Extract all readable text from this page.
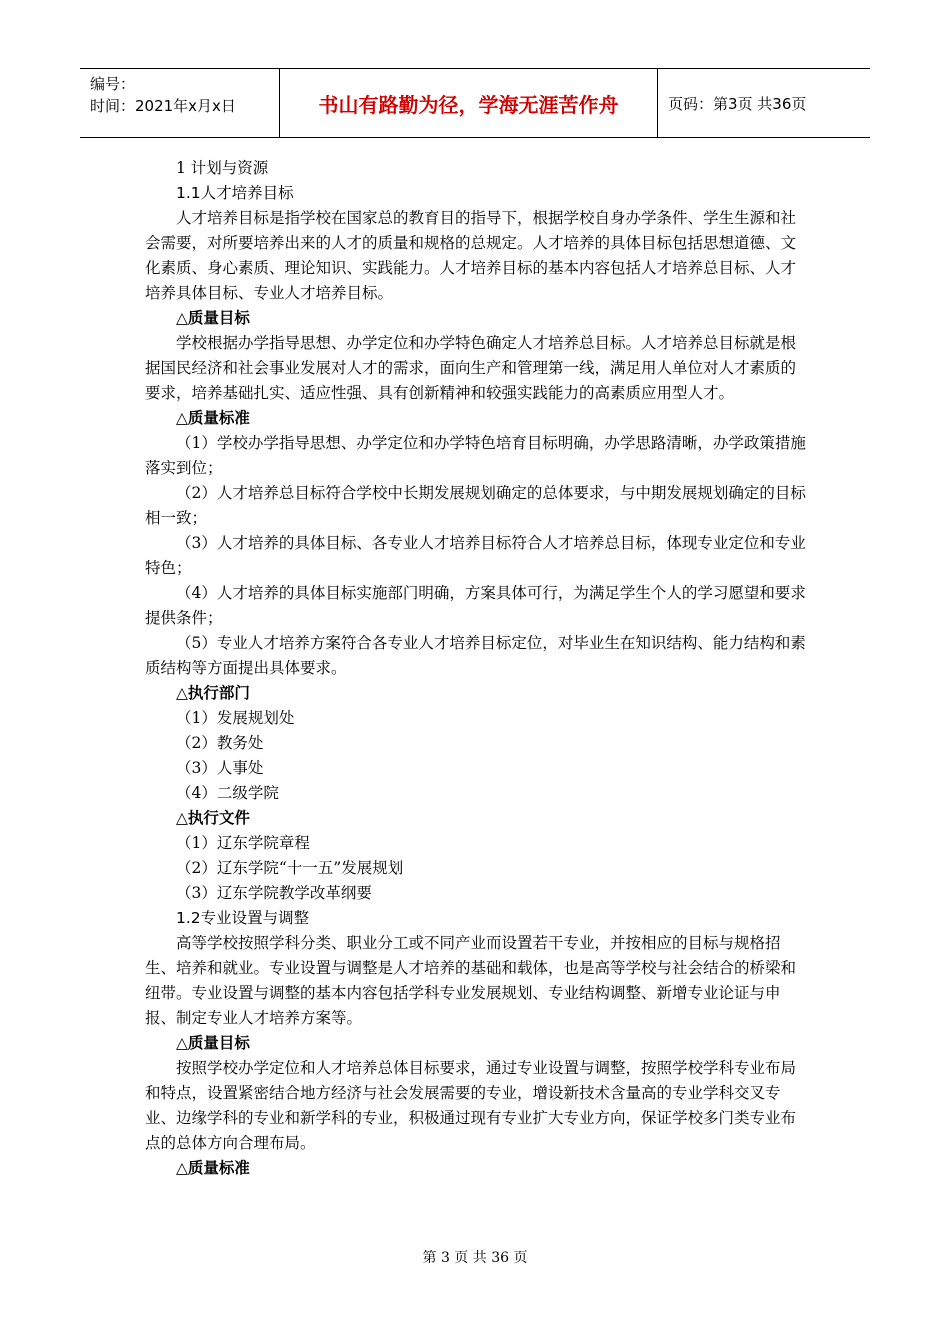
编号：
时间：2021年x月x日	书山有路勤为径，学海无涯苦作舟	页码：第3页 共36页

1 计划与资源

1.1人才培养目标

人才培养目标是指学校在国家总的教育目的指导下，根据学校自身办学条件、学生生源和社会需要，对所要培养出来的人才的质量和规格的总规定。人才培养的具体目标包括思想道德、文化素质、身心素质、理论知识、实践能力。人才培养目标的基本内容包括人才培养总目标、人才培养具体目标、专业人才培养目标。

△质量目标

学校根据办学指导思想、办学定位和办学特色确定人才培养总目标。人才培养总目标就是根据国民经济和社会事业发展对人才的需求，面向生产和管理第一线，满足用人单位对人才素质的要求，培养基础扎实、适应性强、具有创新精神和较强实践能力的高素质应用型人才。

△质量标准

（1）学校办学指导思想、办学定位和办学特色培育目标明确，办学思路清晰，办学政策措施落实到位；

（2）人才培养总目标符合学校中长期发展规划确定的总体要求，与中期发展规划确定的目标相一致；

（3）人才培养的具体目标、各专业人才培养目标符合人才培养总目标，体现专业定位和专业特色；

（4）人才培养的具体目标实施部门明确，方案具体可行，为满足学生个人的学习愿望和要求提供条件；

（5）专业人才培养方案符合各专业人才培养目标定位，对毕业生在知识结构、能力结构和素质结构等方面提出具体要求。

△执行部门

（1）发展规划处

（2）教务处

（3）人事处

（4）二级学院

△执行文件

（1）辽东学院章程

（2）辽东学院“十一五”发展规划

（3）辽东学院教学改革纲要

1.2专业设置与调整

高等学校按照学科分类、职业分工或不同产业而设置若干专业，并按相应的目标与规格招生、培养和就业。专业设置与调整是人才培养的基础和载体，也是高等学校与社会结合的桥梁和纽带。专业设置与调整的基本内容包括学科专业发展规划、专业结构调整、新增专业论证与申报、制定专业人才培养方案等。

△质量目标

按照学校办学定位和人才培养总体目标要求，通过专业设置与调整，按照学校学科专业布局和特点，设置紧密结合地方经济与社会发展需要的专业，增设新技术含量高的专业学科交叉专业、边缘学科的专业和新学科的专业，积极通过现有专业扩大专业方向，保证学校多门类专业布点的总体方向合理布局。

△质量标准

第 3 页 共 36 页
